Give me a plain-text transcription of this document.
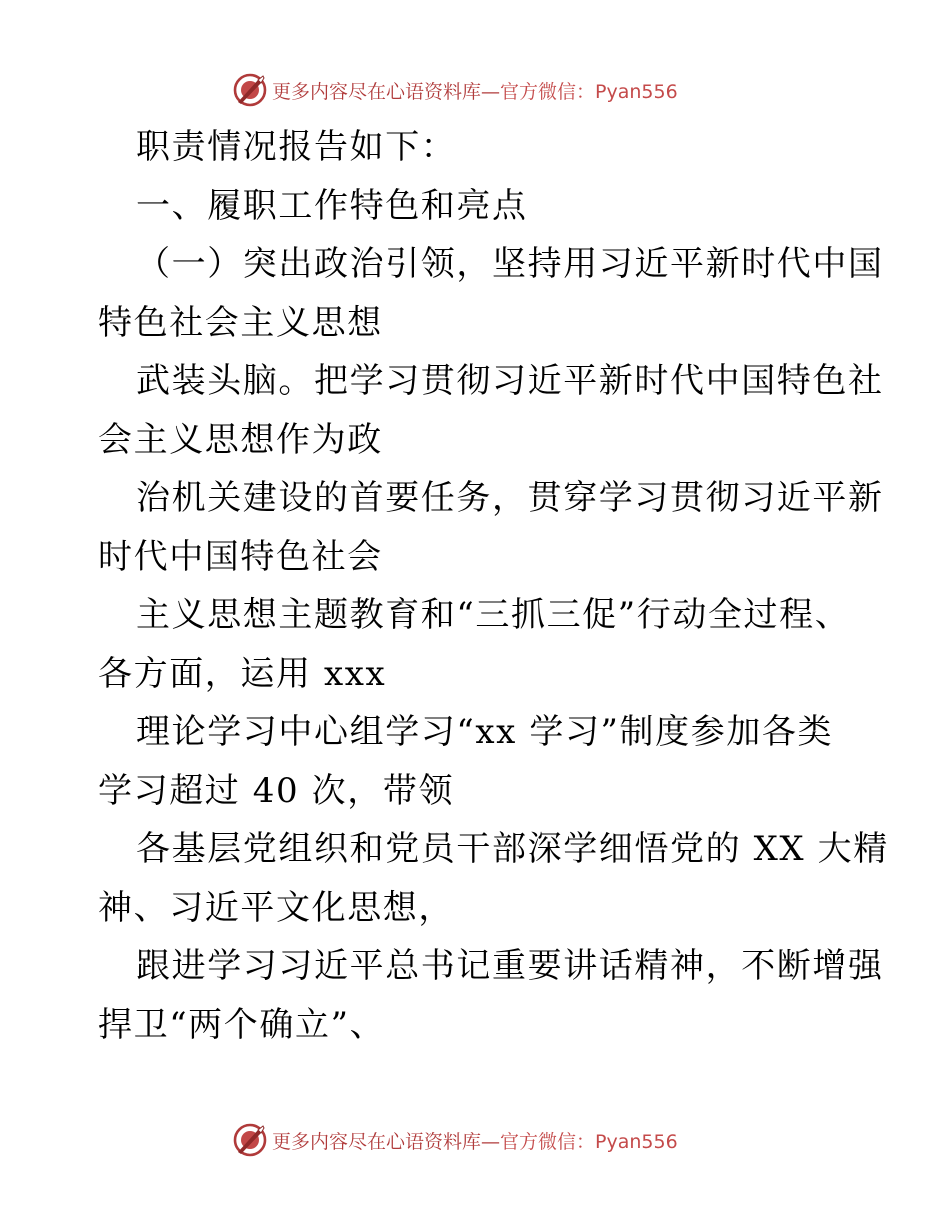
更多内容尽在心语资料库— 官方微信：Pyan556
职责情况报告如下：
一、履职工作特色和亮点
（一）突出政治引领，坚持用习近平新时代中国
特色社会主义思想
武装头脑。把学习贯彻习近平新时代中国特色社
会主义思想作为政
治机关建设的首要任务，贯穿学习贯彻习近平新
时代中国特色社会
主义思想主题教育和“三抓三促”行动全过程、
各方面，运用 xxx
理论学习中心组学习“xx 学习”制度参加各类
学习超过 40 次，带领
各基层党组织和党员干部深学细悟党的 XX 大精
神、习近平文化思想，
跟进学习习近平总书记重要讲话精神，不断增强
捍卫“两个确立”、
更多内容尽在心语资料库— 官方微信：Pyan556
